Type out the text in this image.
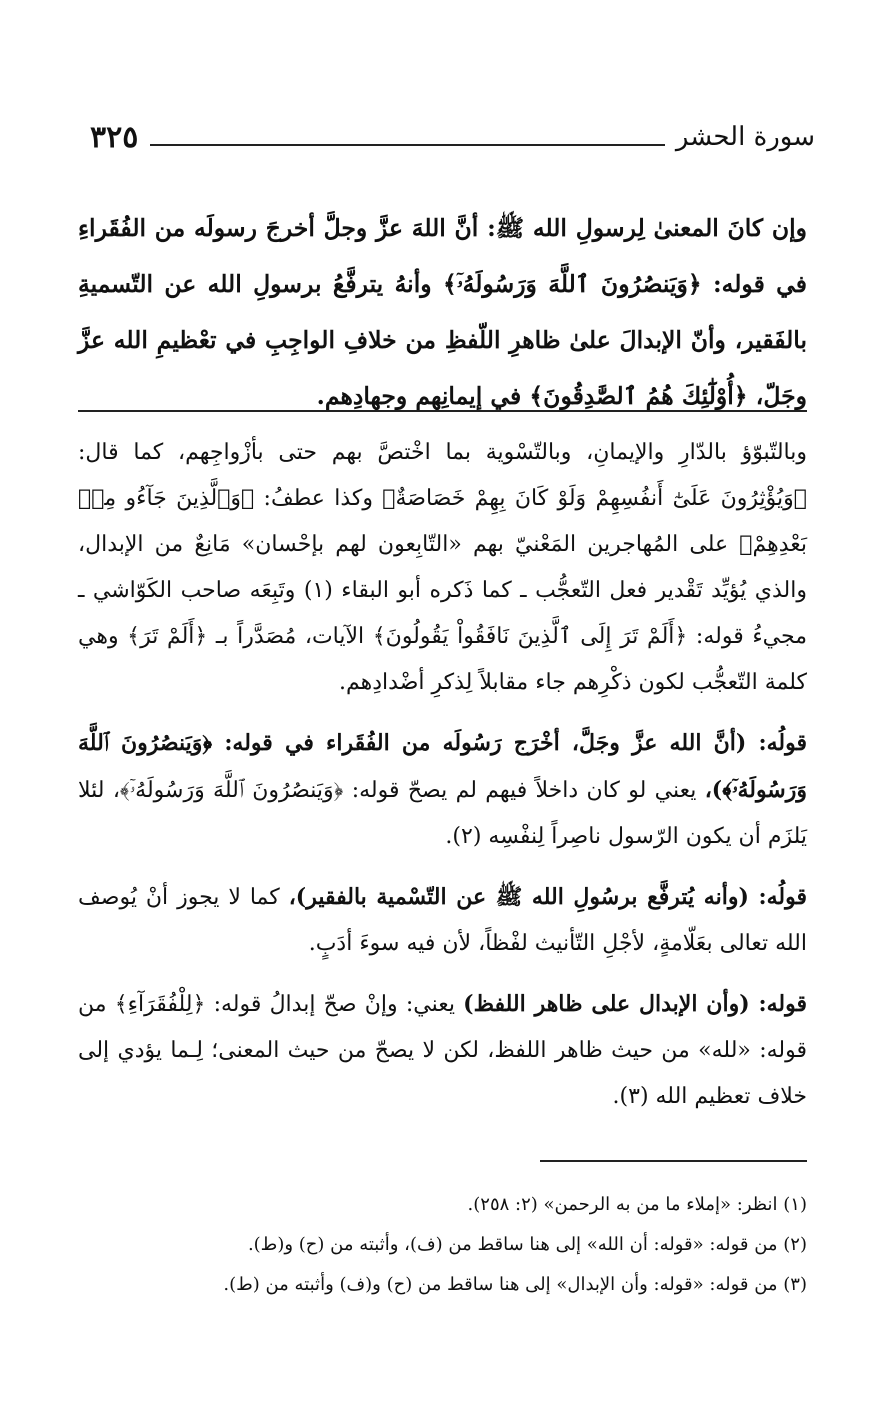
٣٢٥	سورة الحشر

وإن كانَ المعنىٰ لِرسولِ الله ﷺ: أنَّ اللهَ عزَّ وجلَّ أخرجَ رسولَه من الفُقَراءِ في قوله: ﴿وَيَنصُرُونَ ٱللَّهَ وَرَسُولَهُۥٓ﴾ وأنهُ يترفَّعُ برسولِ الله عن التّسميةِ بالفَقير، وأنّ الإبدالَ علىٰ ظاهرِ اللّفظِ من خلافِ الواجِبِ في تعْظيمِ الله عزَّ وجَلّ، ﴿أُوْلَٰٓئِكَ هُمُ ٱلصَّٰدِقُونَ﴾ في إيمانِهم وجهادِهم.

وبالتّبوّؤ بالدّارِ والإيمانِ، وبالتّسْوية بما اخْتصَّ بهم حتى بأزْواجِهم، كما قال: ﴿وَيُؤْثِرُونَ عَلَىٰٓ أَنفُسِهِمْ وَلَوْ كَانَ بِهِمْ خَصَاصَةٌ﴾ وكذا عطفُ: ﴿وَٱلَّذِينَ جَآءُو مِنۢ بَعْدِهِمْ﴾ على المُهاجرين المَعْنيّ بهم «التّابِعون لهم بإحْسان» مَانِعٌ من الإبدال، والذي يُؤيِّد تَقْدير فعل التّعجُّب ـ كما ذَكره أبو البقاء (١) وتَبِعَه صاحب الكَوّاشي ـ مجيءُ قوله: ﴿أَلَمْ تَرَ إِلَى ٱلَّذِينَ نَافَقُواْ يَقُولُونَ﴾ الآيات، مُصَدَّراً بـ ﴿أَلَمْ تَرَ﴾ وهي كلمة التّعجُّب لكون ذكْرِهم جاء مقابلاً لِذكرِ أضْدادِهم.

قولُه: (أنَّ الله عزَّ وجَلَّ، أخْرَج رَسُولَه من الفُقَراء في قوله: ﴿وَيَنصُرُونَ ٱللَّهَ وَرَسُولَهُۥٓ﴾)، يعني لو كان داخلاً فيهم لم يصحّ قوله: ﴿وَيَنصُرُونَ ٱللَّهَ وَرَسُولَهُۥٓ﴾، لئلا يَلزَم أن يكون الرّسول ناصِراً لِنفْسِه (٢).

قولُه: (وأنه يُترفَّع برسُولِ الله ﷺ عن التّسْمية بالفقير)، كما لا يجوز أنْ يُوصف الله تعالى بعَلّامةٍ، لأجْلِ التّأنيث لفْظاً، لأن فيه سوءَ أدَبٍ.

قوله: (وأن الإبدال على ظاهر اللفظ) يعني: وإنْ صحّ إبدالُ قوله: ﴿لِلْفُقَرَآءِ﴾ من قوله: «لله» من حيث ظاهر اللفظ، لكن لا يصحّ من حيث المعنى؛ لِـما يؤدي إلى خلاف تعظيم الله (٣).

(١) انظر: «إملاء ما من به الرحمن» (٢: ٢٥٨).

(٢) من قوله: «قوله: أن الله» إلى هنا ساقط من (ف)، وأثبته من (ح) و(ط).

(٣) من قوله: «قوله: وأن الإبدال» إلى هنا ساقط من (ح) و(ف) وأثبته من (ط).
